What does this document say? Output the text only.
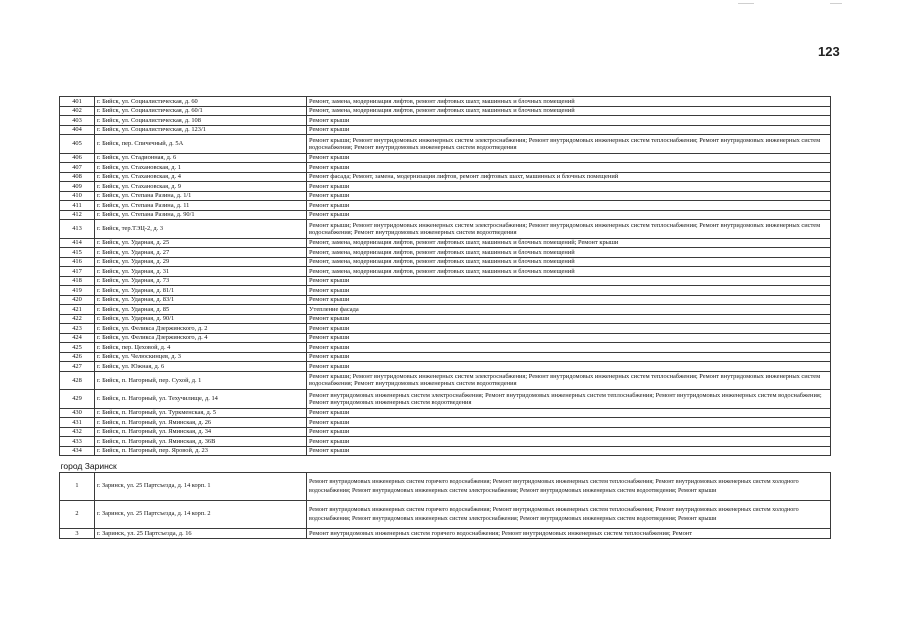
123
401	г. Бийск, ул. Социалистическая, д. 60	Ремонт, замена, модернизация лифтов, ремонт лифтовых шахт, машинных и блочных помещений
402	г. Бийск, ул. Социалистическая, д. 60/1	Ремонт, замена, модернизация лифтов, ремонт лифтовых шахт, машинных и блочных помещений
403	г. Бийск, ул. Социалистическая, д. 108	Ремонт крыши
404	г. Бийск, ул. Социалистическая, д. 123/1	Ремонт крыши
405	г. Бийск, пер. Спичечный, д. 5А	Ремонт крыши; Ремонт внутридомовых инженерных систем электроснабжения; Ремонт внутридомовых инженерных систем теплоснабжения; Ремонт внутридомовых инженерных систем водоснабжения; Ремонт внутридомовых инженерных систем водоотведения
406	г. Бийск, ул. Стадионная, д. 6	Ремонт крыши
407	г. Бийск, ул. Стахановская, д. 1	Ремонт крыши
408	г. Бийск, ул. Стахановская, д. 4	Ремонт фасада; Ремонт, замена, модернизация лифтов, ремонт лифтовых шахт, машинных и блочных помещений
409	г. Бийск, ул. Стахановская, д. 9	Ремонт крыши
410	г. Бийск, ул. Степана Разина, д. 1/1	Ремонт крыши
411	г. Бийск, ул. Степана Разина, д. 11	Ремонт крыши
412	г. Бийск, ул. Степана Разина, д. 90/1	Ремонт крыши
413	г. Бийск, тер.ТЭЦ-2, д. 3	Ремонт крыши; Ремонт внутридомовых инженерных систем электроснабжения; Ремонт внутридомовых инженерных систем теплоснабжения; Ремонт внутридомовых инженерных систем водоснабжения; Ремонт внутридомовых инженерных систем водоотведения
414	г. Бийск, ул. Ударная, д. 25	Ремонт, замена, модернизация лифтов, ремонт лифтовых шахт, машинных и блочных помещений; Ремонт крыши
415	г. Бийск, ул. Ударная, д. 27	Ремонт, замена, модернизация лифтов, ремонт лифтовых шахт, машинных и блочных помещений
416	г. Бийск, ул. Ударная, д. 29	Ремонт, замена, модернизация лифтов, ремонт лифтовых шахт, машинных и блочных помещений
417	г. Бийск, ул. Ударная, д. 31	Ремонт, замена, модернизация лифтов, ремонт лифтовых шахт, машинных и блочных помещений
418	г. Бийск, ул. Ударная, д. 73	Ремонт крыши
419	г. Бийск, ул. Ударная, д. 81/1	Ремонт крыши
420	г. Бийск, ул. Ударная, д. 83/1	Ремонт крыши
421	г. Бийск, ул. Ударная, д. 85	Утепление фасада
422	г. Бийск, ул. Ударная, д. 90/1	Ремонт крыши
423	г. Бийск, ул. Феликса Дзержинского, д. 2	Ремонт крыши
424	г. Бийск, ул. Феликса Дзержинского, д. 4	Ремонт крыши
425	г. Бийск, пер. Цеховой, д. 4	Ремонт крыши
426	г. Бийск, ул. Челюскинцев, д. 3	Ремонт крыши
427	г. Бийск, ул. Южная, д. 6	Ремонт крыши
428	г. Бийск, п. Нагорный, пер. Сухой, д. 1	Ремонт крыши; Ремонт внутридомовых инженерных систем электроснабжения; Ремонт внутридомовых инженерных систем теплоснабжения; Ремонт внутридомовых инженерных систем водоснабжения; Ремонт внутридомовых инженерных систем водоотведения
429	г. Бийск, п. Нагорный, ул. Техучилище, д. 14	Ремонт внутридомовых инженерных систем электроснабжения; Ремонт внутридомовых инженерных систем теплоснабжения; Ремонт внутридомовых инженерных систем водоснабжения; Ремонт внутридомовых инженерных систем водоотведения
430	г. Бийск, п. Нагорный, ул. Туркменская, д. 5	Ремонт крыши
431	г. Бийск, п. Нагорный, ул. Яминская, д. 26	Ремонт крыши
432	г. Бийск, п. Нагорный, ул. Яминская, д. 34	Ремонт крыши
433	г. Бийск, п. Нагорный, ул. Яминская, д. 36В	Ремонт крыши
434	г. Бийск, п. Нагорный, пер. Яровой, д. 23	Ремонт крыши
город Заринск		
1	г. Заринск, ул. 25 Партсъезда, д. 14 корп. 1	Ремонт внутридомовых инженерных систем горячего водоснабжения; Ремонт внутридомовых инженерных систем теплоснабжения; Ремонт внутридомовых инженерных систем холодного водоснабжения; Ремонт внутридомовых инженерных систем электроснабжения; Ремонт внутридомовых инженерных систем водоотведения; Ремонт крыши
2	г. Заринск, ул. 25 Партсъезда, д. 14 корп. 2	Ремонт внутридомовых инженерных систем горячего водоснабжения; Ремонт внутридомовых инженерных систем теплоснабжения; Ремонт внутридомовых инженерных систем холодного водоснабжения; Ремонт внутридомовых инженерных систем электроснабжения; Ремонт внутридомовых инженерных систем водоотведения; Ремонт крыши
3	г. Заринск, ул. 25 Партсъезда, д. 16	Ремонт внутридомовых инженерных систем горячего водоснабжения; Ремонт внутридомовых инженерных систем теплоснабжения; Ремонт
